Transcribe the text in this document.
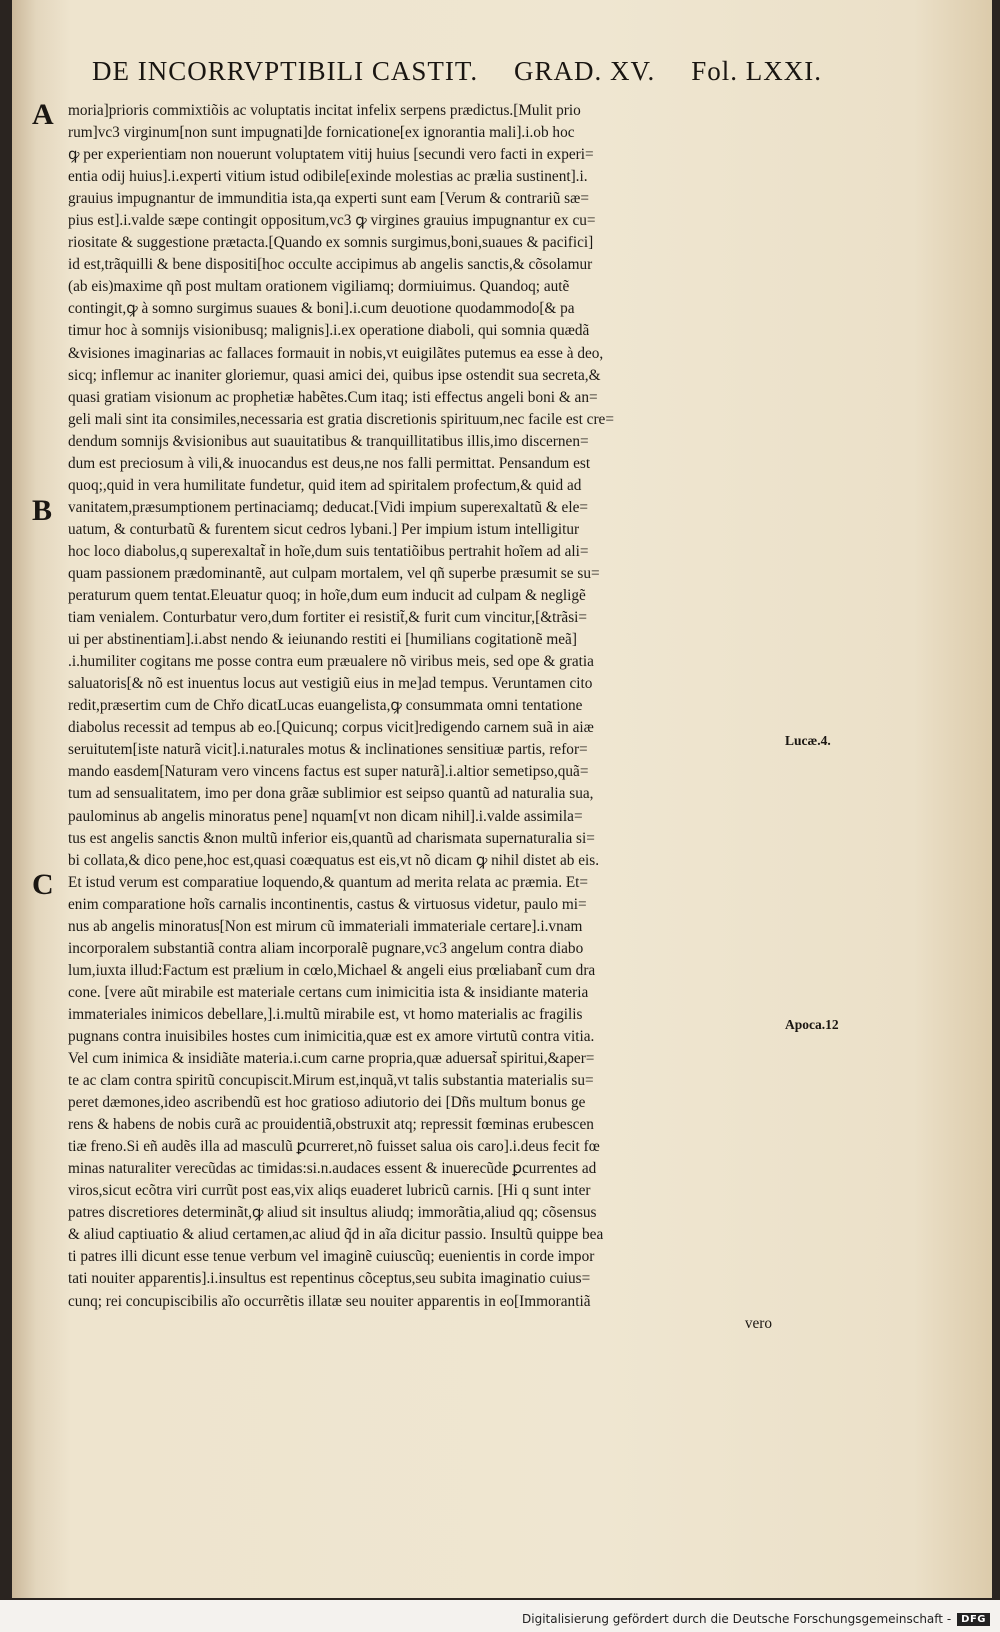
DE INCORRVPTIBILI CASTIT. GRAD. XV. Fol. LXXI.
A
B
C
Lucæ.4.
Apoca.12
moria]prioris commixtiõis ac voluptatis incitat infelix serpens prædictus.[Mulit prio
rum]vc3 virginum[non sunt impugnati]de fornicatione[ex ignorantia mali].i.ob hoc
ꝙ per experientiam non nouerunt voluptatem vitij huius [secundi vero facti in experi=
entia odij huius].i.experti vitium istud odibile[exinde molestias ac prælia sustinent].i.
grauius impugnantur de immunditia ista,qa experti sunt eam [Verum & contrariũ sæ=
pius est].i.valde sæpe contingit oppositum,vc3 ꝙ virgines grauius impugnantur ex cu=
riositate & suggestione prætacta.[Quando ex somnis surgimus,boni,suaues & pacifici]
id est,trãquilli & bene dispositi[hoc occulte accipimus ab angelis sanctis,& cõsolamur
(ab eis)maxime qñ post multam orationem vigiliamq; dormiuimus. Quandoq; autẽ
contingit,ꝙ à somno surgimus suaues & boni].i.cum deuotione quodammodo[& pa
timur hoc à somnijs visionibusq; malignis].i.ex operatione diaboli, qui somnia quædã
&visiones imaginarias ac fallaces formauit in nobis,vt euigilãtes putemus ea esse à deo,
sicq; inflemur ac inaniter gloriemur, quasi amici dei, quibus ipse ostendit sua secreta,&
quasi gratiam visionum ac prophetiæ habẽtes.Cum itaq; isti effectus angeli boni & an=
geli mali sint ita consimiles,necessaria est gratia discretionis spirituum,nec facile est cre=
dendum somnijs &visionibus aut suauitatibus & tranquillitatibus illis,imo discernen=
dum est preciosum à vili,& inuocandus est deus,ne nos falli permittat. Pensandum est
quoq;,quid in vera humilitate fundetur, quid item ad spiritalem profectum,& quid ad
vanitatem,præsumptionem pertinaciamq; deducat.[Vidi impium superexaltatũ & ele=
uatum, & conturbatũ & furentem sicut cedros lybani.] Per impium istum intelligitur
hoc loco diabolus,q superexaltat̃ in hoĩe,dum suis tentatiõibus pertrahit hoĩem ad ali=
quam passionem prædominantẽ, aut culpam mortalem, vel qñ superbe præsumit se su=
peraturum quem tentat.Eleuatur quoq; in hoĩe,dum eum inducit ad culpam & negligẽ
tiam venialem. Conturbatur vero,dum fortiter ei resistit̃,& furit cum vincitur,[&trãsi=
ui per abstinentiam].i.abst nendo & ieiunando restiti ei [humilians cogitationẽ meã]
.i.humiliter cogitans me posse contra eum præualere nõ viribus meis, sed ope & gratia
saluatoris[& nõ est inuentus locus aut vestigiũ eius in me]ad tempus. Veruntamen cito
redit,præsertim cum de Chřo dicatLucas euangelista,ꝙ consummata omni tentatione
diabolus recessit ad tempus ab eo.[Quicunq; corpus vicit]redigendo carnem suã in aiæ
seruitutem[iste naturã vicit].i.naturales motus & inclinationes sensitiuæ partis, refor=
mando easdem[Naturam vero vincens factus est super naturã].i.altior semetipso,quã=
tum ad sensualitatem, imo per dona grãæ sublimior est seipso quantũ ad naturalia sua,
paulominus ab angelis minoratus pene] nquam[vt non dicam nihil].i.valde assimila=
tus est angelis sanctis &non multũ inferior eis,quantũ ad charismata supernaturalia si=
bi collata,& dico pene,hoc est,quasi coæquatus est eis,vt nõ dicam ꝙ nihil distet ab eis.
Et istud verum est comparatiue loquendo,& quantum ad merita relata ac præmia. Et=
enim comparatione hoĩs carnalis incontinentis, castus & virtuosus videtur, paulo mi=
nus ab angelis minoratus[Non est mirum cũ immateriali immateriale certare].i.vnam
incorporalem substantiã contra aliam incorporalẽ pugnare,vc3 angelum contra diabo
lum,iuxta illud:Factum est prælium in cœlo,Michael & angeli eius prœliabant̃ cum dra
cone. [vere aũt mirabile est materiale certans cum inimicitia ista & insidiante materia
immateriales inimicos debellare,].i.multũ mirabile est, vt homo materialis ac fragilis
pugnans contra inuisibiles hostes cum inimicitia,quæ est ex amore virtutũ contra vitia.
Vel cum inimica & insidiãte materia.i.cum carne propria,quæ aduersat̃ spiritui,&aper=
te ac clam contra spiritũ concupiscit.Mirum est,inquã,vt talis substantia materialis su=
peret dæmones,ideo ascribendũ est hoc gratioso adiutorio dei [Dñs multum bonus ge
rens & habens de nobis curã ac prouidentiã,obstruxit atq; repressit fœminas erubescen
tiæ freno.Si eñ audẽs illa ad masculũ ꝑcurreret,nõ fuisset salua ois caro].i.deus fecit fœ
minas naturaliter verecũdas ac timidas:si.n.audaces essent & inuerecũde ꝑcurrentes ad
viros,sicut ecõtra viri currũt post eas,vix aliqs euaderet lubricũ carnis. [Hi q sunt inter
patres discretiores determinãt,ꝙ aliud sit insultus aliudq; immorãtia,aliud qq; cõsensus
& aliud captiuatio & aliud certamen,ac aliud q̃d in aĩa dicitur passio. Insultũ quippe bea
ti patres illi dicunt esse tenue verbum vel imaginẽ cuiuscũq; euenientis in corde impor
tati nouiter apparentis].i.insultus est repentinus cõceptus,seu subita imaginatio cuius=
cunq; rei concupiscibilis aĩo occurrẽtis illatæ seu nouiter apparentis in eo[Immorantiã
vero
Digitalisierung gefördert durch die Deutsche Forschungsgemeinschaft -	DFG
